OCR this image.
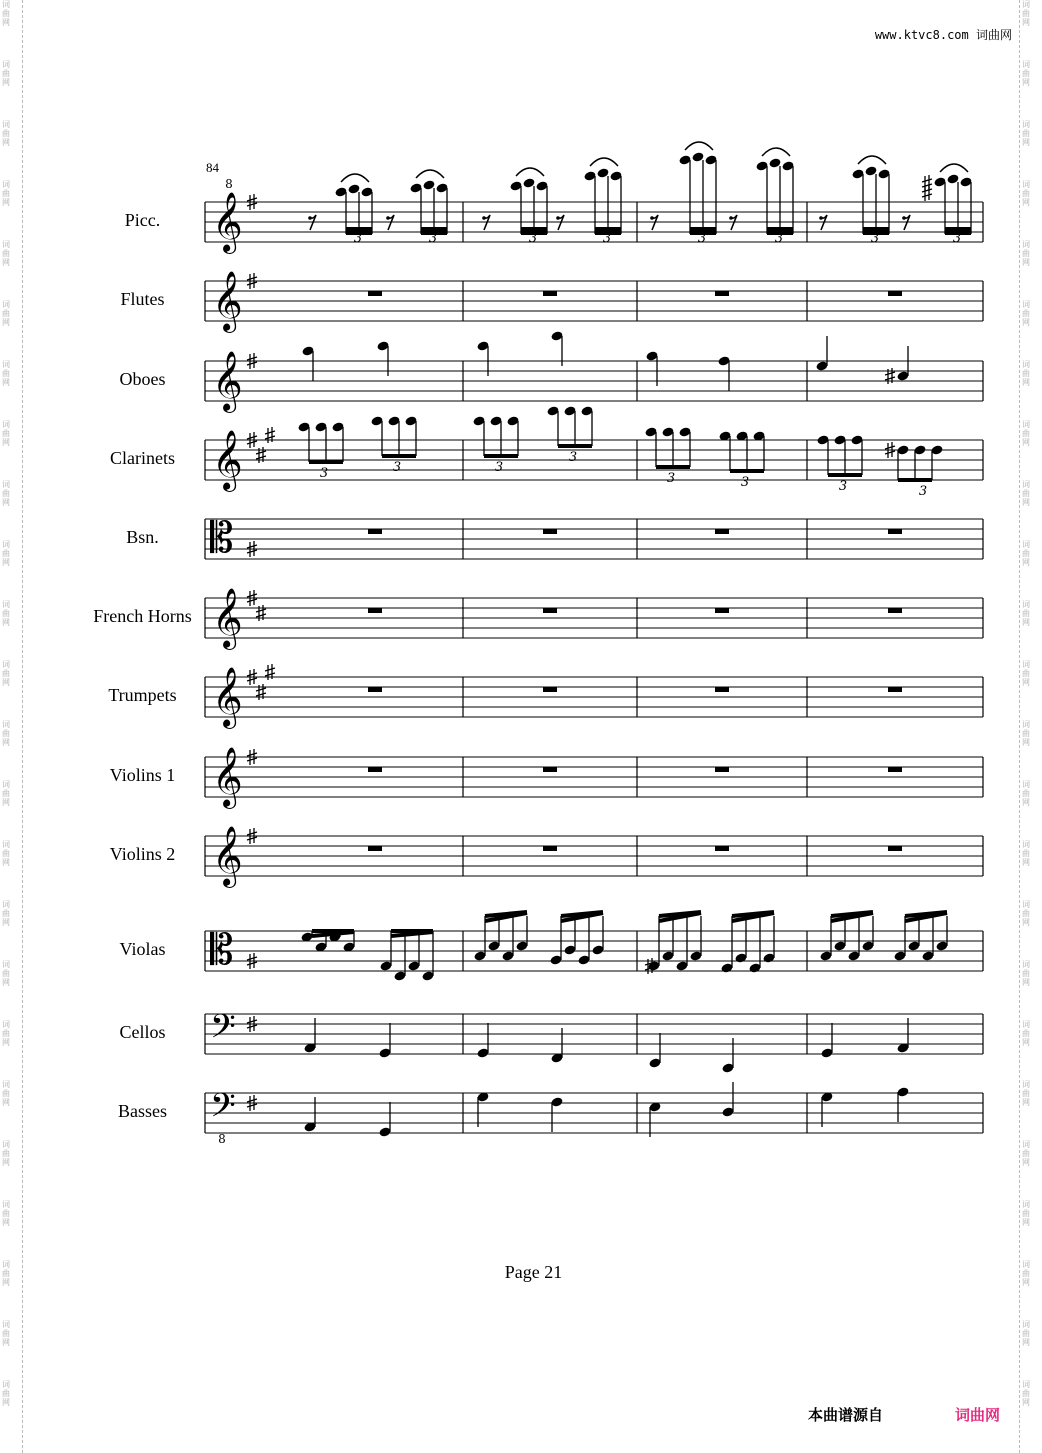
词曲网
词曲网
词曲网
词曲网
词曲网
词曲网
词曲网
词曲网
词曲网
词曲网
词曲网
词曲网
词曲网
词曲网
词曲网
词曲网
词曲网
词曲网
词曲网
词曲网
词曲网
词曲网
词曲网
词曲网
词曲网
词曲网
词曲网
词曲网
词曲网
词曲网
词曲网
词曲网
词曲网
词曲网
词曲网
词曲网
词曲网
词曲网
词曲网
词曲网
词曲网
词曲网
词曲网
词曲网
词曲网
词曲网
词曲网
词曲网
www.ktvc8.com 词曲网
84
𝄞
8
𝄞
𝄞
𝄞
𝄡
𝄞
𝄞
𝄞
𝄞
𝄡
𝄢
𝄢
8
3	3	3	3	3	3	3	3
3	3	3
3
3	3	3	3
Picc.
Flutes
Oboes
Clarinets
Bsn.
French Horns
Trumpets
Violins 1
Violins 2
Violas
Cellos
Basses
Page 21
本曲谱源自	词曲网
